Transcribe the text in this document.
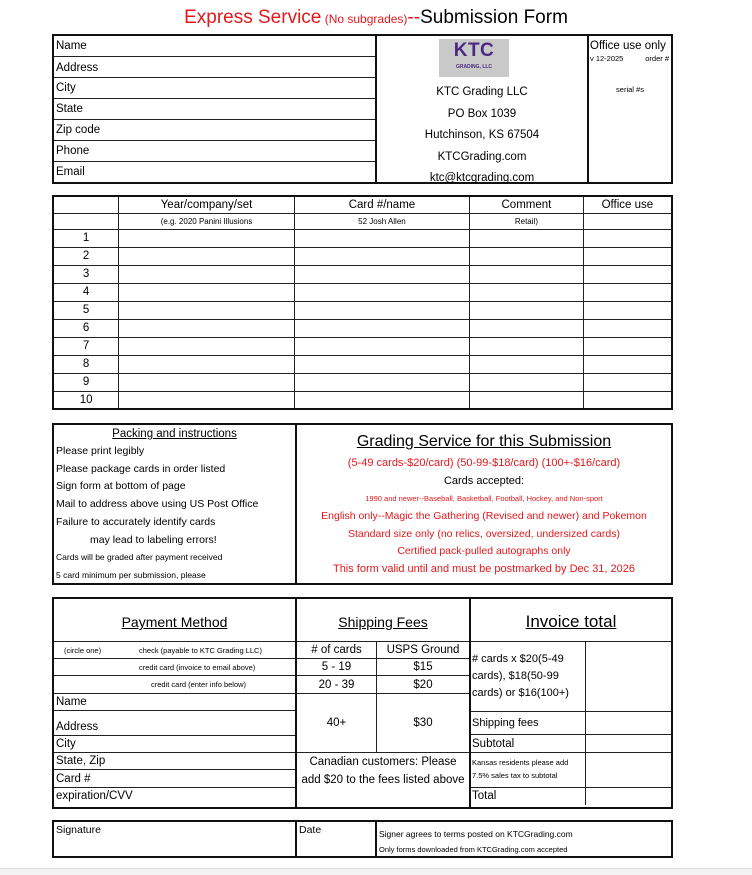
Express Service (No subgrades)--Submission Form
Name
Address
City
State
Zip code
Phone
Email
KTC
GRADING, LLC
KTC Grading LLC
PO Box 1039
Hutchinson, KS 67504
KTCGrading.com
ktc@ktcgrading.com
Office use only
v 12-2025	order #
serial #s
	Year/company/set	Card #/name	Comment	Office use
	(e.g. 2020 Panini Illusions	52 Josh Allen	Retail)	
1				
2				
3				
4				
5				
6				
7				
8				
9				
10				
Packing and instructions
Please print legibly
Please package cards in order listed
Sign form at bottom of page
Mail to address above using US Post Office
Failure to accurately identify cards
may lead to labeling errors!
Cards will be graded after payment received
5 card minimum per submission, please
Grading Service for this Submission
(5-49 cards-$20/card) (50-99-$18/card) (100+-$16/card)
Cards accepted:
1990 and newer--Baseball, Basketball, Football, Hockey, and Non-sport
English only--Magic the Gathering (Revised and newer) and Pokemon
Standard size only (no relics, oversized, undersized cards)
Certified pack-pulled autographs only
This form valid until and must be postmarked by Dec 31, 2026
Payment Method
(circle one)	check (payable to KTC Grading LLC)
credit card (invoice to email above)
credit card (enter info below)
Name
Address
City
State, Zip
Card #
expiration/CVV
Shipping Fees
# of cards	USPS Ground
5 - 19	$15
20 - 39	$20
40+	$30
Canadian customers: Please add $20 to the fees listed above
Invoice total
# cards x $20(5-49 cards), $18(50-99 cards) or $16(100+)
Shipping fees
Subtotal
Kansas residents please add 7.5% sales tax to subtotal
Total
Signature	Date	Signer agrees to terms posted on KTCGrading.com
Only forms downloaded from KTCGrading.com accepted
